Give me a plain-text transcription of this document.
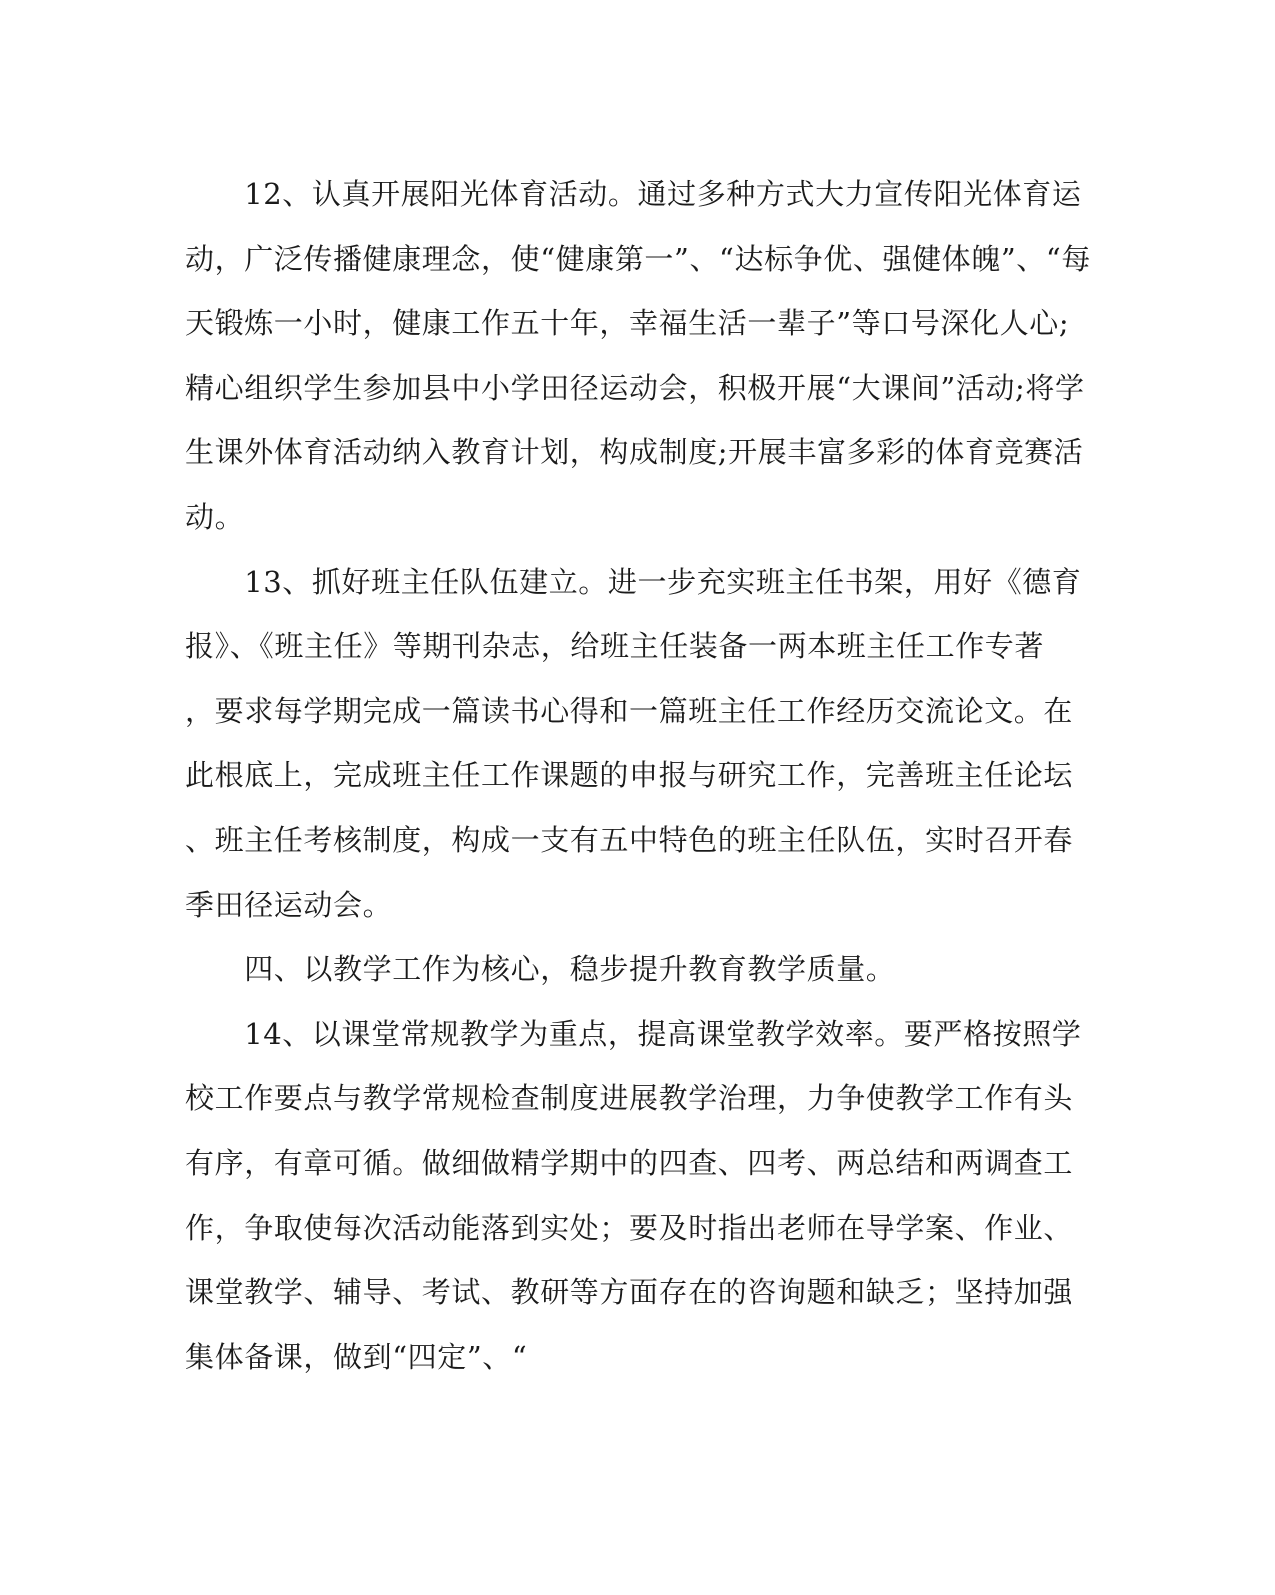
　　12、认真开展阳光体育活动。通过多种方式大力宣传阳光体育运
动，广泛传播健康理念，使“健康第一”、“达标争优、强健体魄”、“每
天锻炼一小时，健康工作五十年，幸福生活一辈子”等口号深化人心;
精心组织学生参加县中小学田径运动会，积极开展“大课间”活动;将学
生课外体育活动纳入教育计划，构成制度;开展丰富多彩的体育竞赛活
动。
　　13、抓好班主任队伍建立。进一步充实班主任书架，用好《德育
报》、《班主任》等期刊杂志，给班主任装备一两本班主任工作专著
，要求每学期完成一篇读书心得和一篇班主任工作经历交流论文。在
此根底上，完成班主任工作课题的申报与研究工作，完善班主任论坛
、班主任考核制度，构成一支有五中特色的班主任队伍，实时召开春
季田径运动会。
　　四、以教学工作为核心，稳步提升教育教学质量。
　　14、以课堂常规教学为重点，提高课堂教学效率。要严格按照学
校工作要点与教学常规检查制度进展教学治理，力争使教学工作有头
有序，有章可循。做细做精学期中的四查、四考、两总结和两调查工
作，争取使每次活动能落到实处；要及时指出老师在导学案、作业、
课堂教学、辅导、考试、教研等方面存在的咨询题和缺乏；坚持加强
集体备课，做到“四定”、“
